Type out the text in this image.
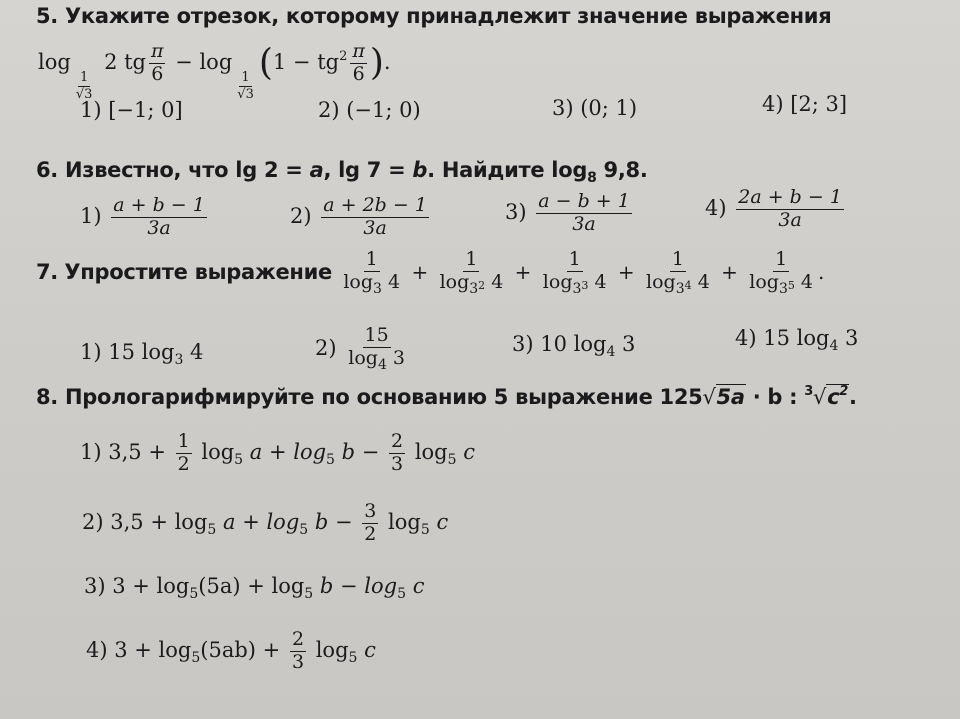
5. Укажите отрезок, которому принадлежит значение выражения
log
$\frac{1}{√3}$
2 tg $\frac{\pi}{6} - \log$
$\frac{1}{√3}$
($1 - tg^2 \frac{\pi}{6}$ ).
1) [−1; 0]	2) (−1; 0)	3) (0; 1)	4) [2; 3]
6. Известно, что lg 2 = a, lg 7 = b. Найдите $\log_8 9,8$.
$1) \frac{a + b - 1}{3a}$	$2) \frac{a + 2b - 1}{3a}$	$3) \frac{a - b + 1}{3a}$	$4) \frac{2a + b - 1}{3a}$
7. Упростите выражение $\frac{1}{\log_3 4} + \frac{1}{\log_32 4} + \frac{1}{\log_33 4} + \frac{1}{\log_34 4} + \frac{1}{\log_35 4}$ .
1) 15 $\log_3 4$	$2) \frac{15}{\log_4 3}$	3) 10 $\log_4 3$	4) 15 $\log_4 3$
8. Прологарифмируйте по основанию 5 выражение 125√5a · b : $^3√c^2$.
1) $3,5 + \frac{1}{2} \log_5 a + \log_5 b - \frac{2}{3} \log_5 c$
2) $3,5 + \log_5 a + \log_5 b - \frac{3}{2} \log_5 c$
3) $3 + \log_5(5a) + \log_5 b - \log_5 c$
4) $3 + \log_5(5ab) + \frac{2}{3} \log_5 c$
